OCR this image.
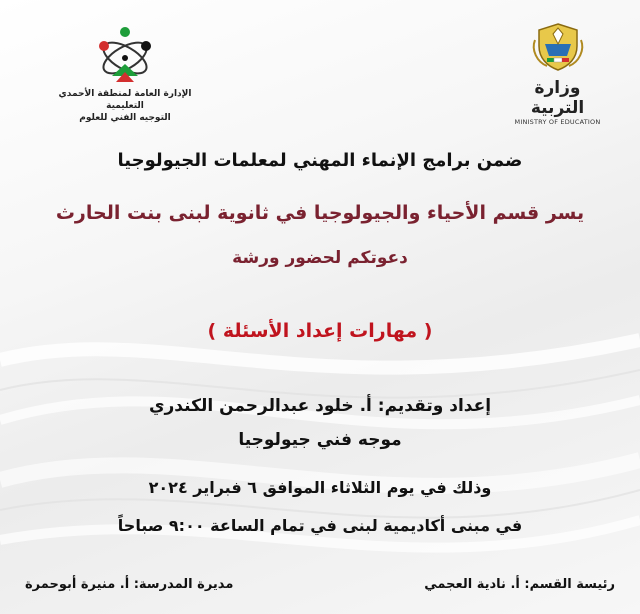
الإدارة العامة لمنطقة الأحمدي التعليمية
التوجيه الفني للعلوم
وزارة التربية
MINISTRY OF EDUCATION
ضمن برامج الإنماء المهني لمعلمات الجيولوجيا
يسر قسم الأحياء والجيولوجيا في ثانوية لبنى بنت الحارث
دعوتكم لحضور ورشة
( مهارات إعداد الأسئلة )
إعداد وتقديم: أ. خلود عبدالرحمن الكندري
موجه فني جيولوجيا
وذلك في يوم الثلاثاء الموافق ٦ فبراير ٢٠٢٤
في مبنى أكاديمية لبنى في تمام الساعة ٩:٠٠ صباحاً
رئيسة القسم: أ. نادية العجمي
مديرة المدرسة: أ. منيرة أبوحمرة
